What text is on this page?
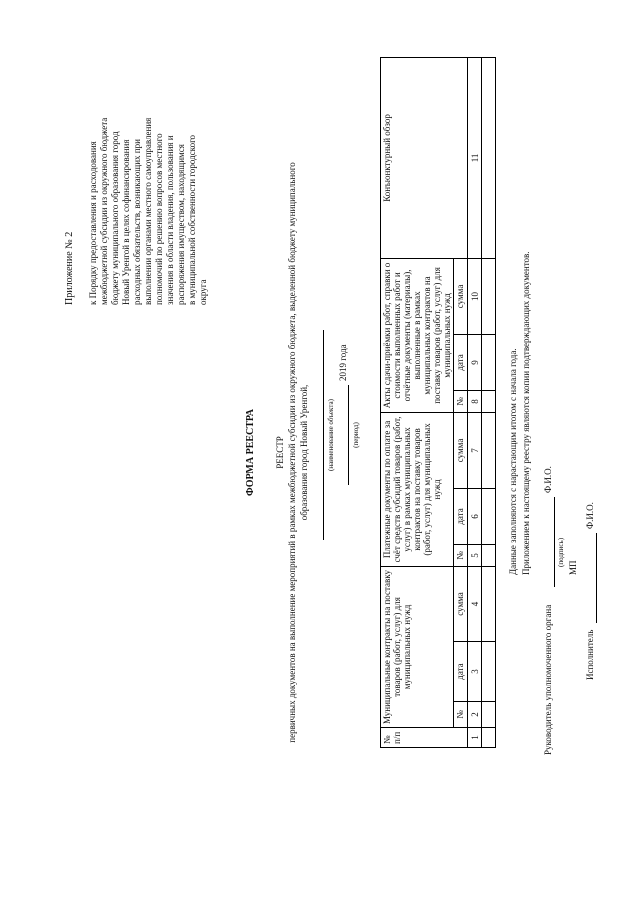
Приложение № 2 к Порядку предоставления и расходования межбюджетной субсидии из окружного бюджета бюджету муниципального образования город Новый Уренгой в целях софинансирования расходных обязательств, возникающих при выполнении органами местного самоуправления полномочий по решению вопросов местного значения в области владения, пользования и распоряжения имуществом, находящимся в муниципальной собственности городского округа
ФОРМА РЕЕСТРА РЕЕСТР первичных документов на выполнение мероприятий в рамках межбюджетной субсидии из окружного бюджета, выделенной бюджету муниципального образования город Новый Уренгой,	(наименование объекта)
2019 года
(период)
№ п/п	Муниципальные контракты на поставку товаров (работ, услуг) для муниципальных нужд			Платежные документы по оплате за счёт средств субсидий товаров (работ, услуг) в рамках муниципальных контрактов на поставку товаров (работ, услуг) для муниципальных нужд			Акты сдачи-приёмки работ, справки о стоимости выполненных работ и отчётные документы (материалы), выполненные в рамках муниципальных контрактов на поставку товаров (работ, услуг) для муниципальных нужд			Конъюнктурный обзор
	№	дата	сумма	№	дата	сумма	№	дата	сумма	
1	2	3	4	5	6	7	8	9	10	11

Данные заполняются с нарастающим итогом с начала года. Приложением к настоящему реестру являются копии подтверждающих документов.
Руководитель уполномоченного органа
Ф.И.О.
(подпись)
МП
Исполнитель
Ф.И.О.
